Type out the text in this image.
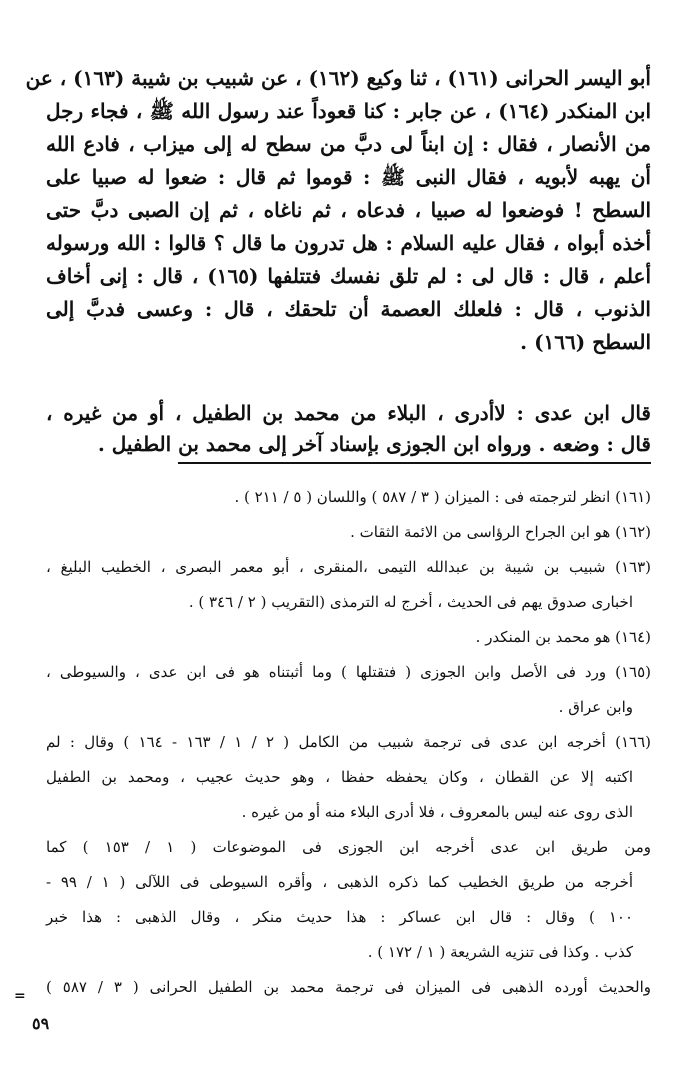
أبو اليسر الحرانى (١٦١) ، ثنا وكيع (١٦٢) ، عن شبيب بن شيبة (١٦٣) ، عن
ابن المنكدر (١٦٤) ، عن جابر : كنا قعوداً عند رسول الله ﷺ ، فجاء رجل
من الأنصار ، فقال : إن ابناً لى دبَّ من سطح له إلى ميزاب ، فادع الله
أن يهبه لأبويه ، فقال النبى ﷺ : قوموا ثم قال : ضعوا له صبيا على
السطح ! فوضعوا له صبيا ، فدعاه ، ثم ناغاه ، ثم إن الصبى دبَّ حتى
أخذه أبواه ، فقال عليه السلام : هل تدرون ما قال ؟ قالوا : الله ورسوله
أعلم ، قال : قال لى : لم تلق نفسك فتتلفها (١٦٥) ، قال : إنى أخاف
الذنوب ، قال : فلعلك العصمة أن تلحقك ، قال : وعسى فدبَّ إلى
السطح (١٦٦) .
قال ابن عدى : لاأدرى ، البلاء من محمد بن الطفيل ، أو من غيره ،
قال : وضعه . ورواه ابن الجوزى بإسناد آخر إلى محمد بن الطفيل .
(١٦١) انظر لترجمته فى : الميزان ( ٣ / ٥٨٧ ) واللسان ( ٥ / ٢١١ ) .
(١٦٢) هو ابن الجراح الرؤاسى من الائمة الثقات .
(١٦٣) شبيب بن شيبة بن عبدالله التيمى ،المنقرى ، أبو معمر البصرى ، الخطيب البليغ ،
اخبارى صدوق يهم فى الحديث ، أخرج له الترمذى (التقريب ( ٢ / ٣٤٦ ) .
(١٦٤) هو محمد بن المنكدر .
(١٦٥) ورد فى الأصل وابن الجوزى ( فتقتلها ) وما أثبتناه هو فى ابن عدى ، والسيوطى ،
وابن عراق .
(١٦٦) أخرجه ابن عدى فى ترجمة شبيب من الكامل ( ٢ / ١ / ١٦٣ - ١٦٤ ) وقال : لم
اكتبه إلا عن القطان ، وكان يحفظه حفظا ، وهو حديث عجيب ، ومحمد بن الطفيل
الذى روى عنه ليس بالمعروف ، فلا أدرى البلاء منه أو من غيره .
ومن طريق ابن عدى أخرجه ابن الجوزى فى الموضوعات ( ١ / ١٥٣ ) كما
أخرجه من طريق الخطيب كما ذكره الذهبى ، وأقره السيوطى فى اللآلى ( ١ / ٩٩ -
١٠٠ ) وقال : قال ابن عساكر : هذا حديث منكر ، وقال الذهبى : هذا خبر
كذب . وكذا فى تنزيه الشريعة ( ١ / ١٧٢ ) .
والحديث أورده الذهبى فى الميزان فى ترجمة محمد بن الطفيل الحرانى ( ٣ / ٥٨٧ )
=
٥٩
